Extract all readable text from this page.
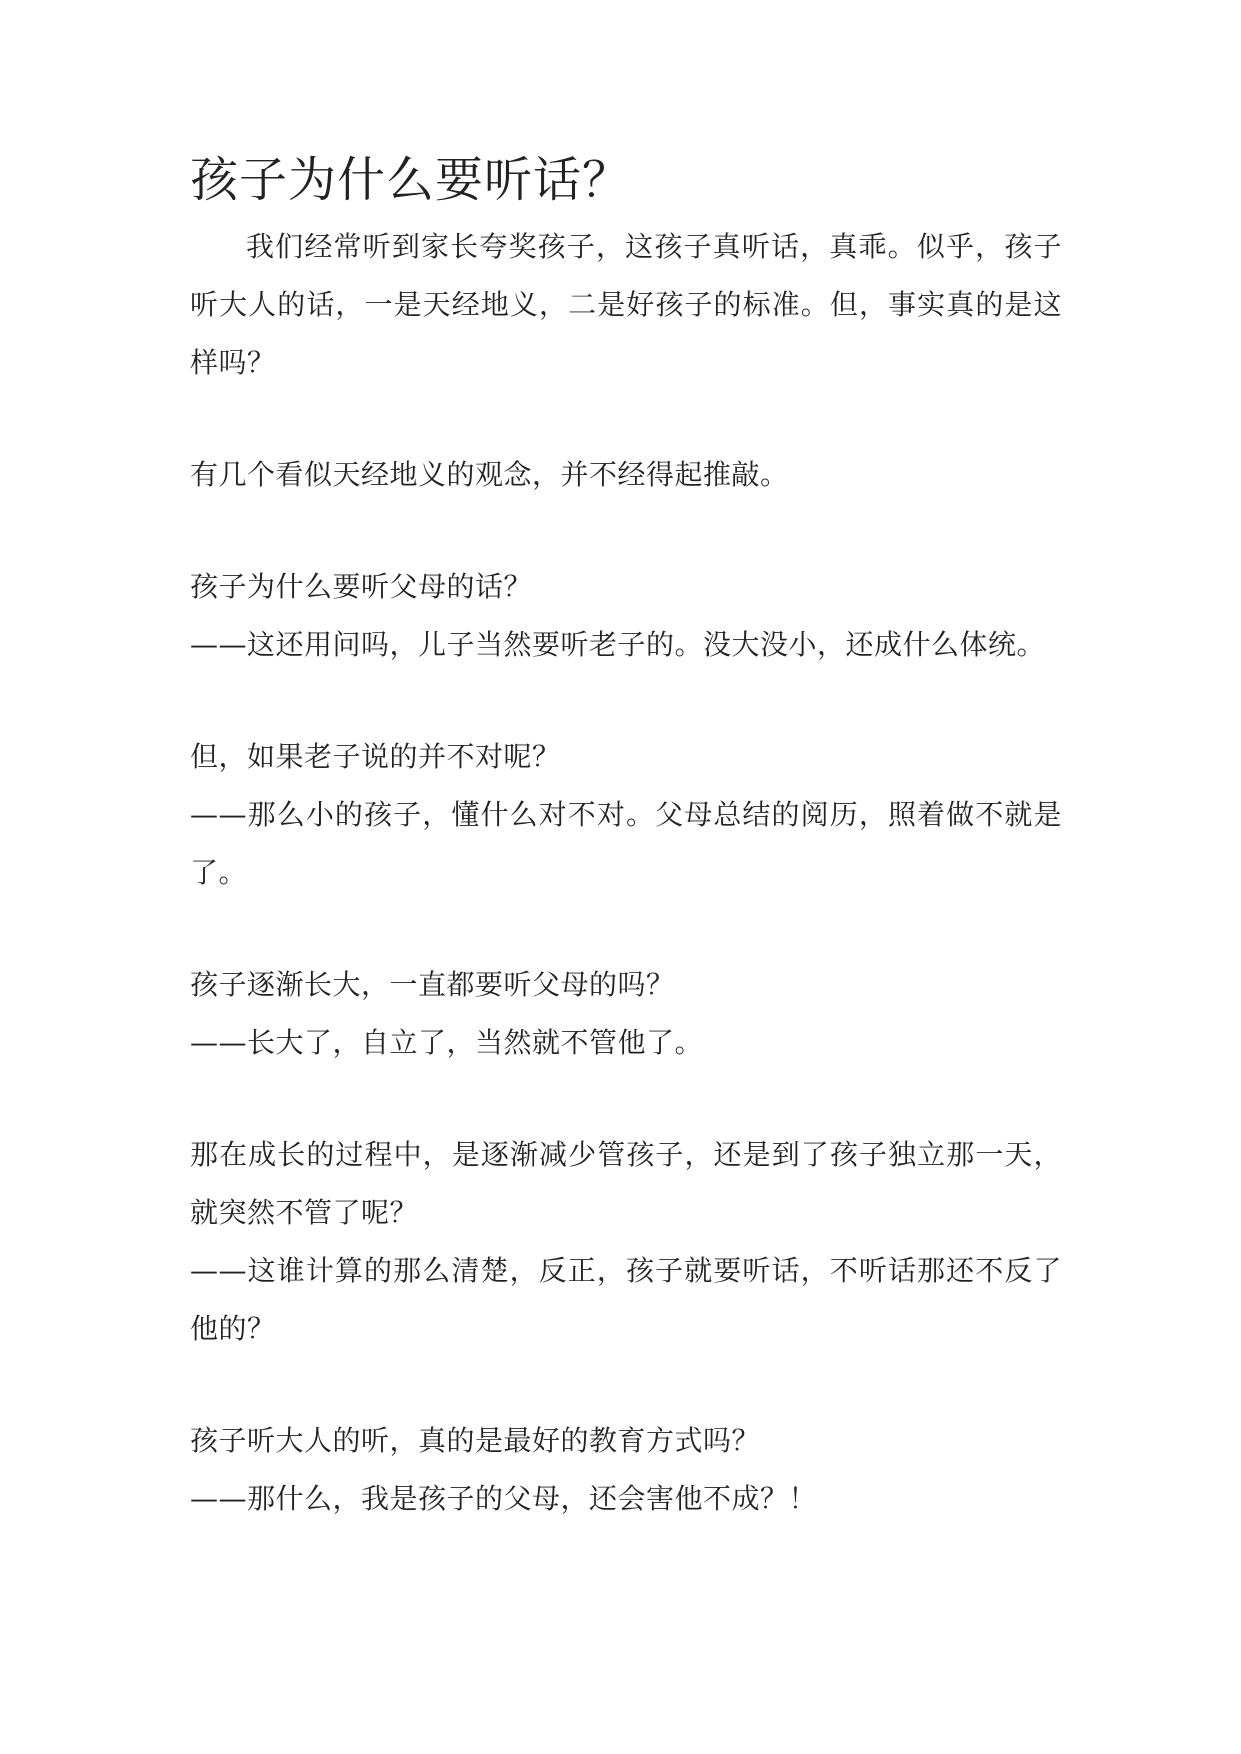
孩子为什么要听话？

我们经常听到家长夸奖孩子，这孩子真听话，真乖。似乎，孩子听大人的话，一是天经地义，二是好孩子的标准。但，事实真的是这样吗？

有几个看似天经地义的观念，并不经得起推敲。

孩子为什么要听父母的话？

——这还用问吗，儿子当然要听老子的。没大没小，还成什么体统。

但，如果老子说的并不对呢？

——那么小的孩子，懂什么对不对。父母总结的阅历，照着做不就是了。

孩子逐渐长大，一直都要听父母的吗？

——长大了，自立了，当然就不管他了。

那在成长的过程中，是逐渐减少管孩子，还是到了孩子独立那一天，就突然不管了呢？

——这谁计算的那么清楚，反正，孩子就要听话，不听话那还不反了他的？

孩子听大人的听，真的是最好的教育方式吗？

——那什么，我是孩子的父母，还会害他不成？！
